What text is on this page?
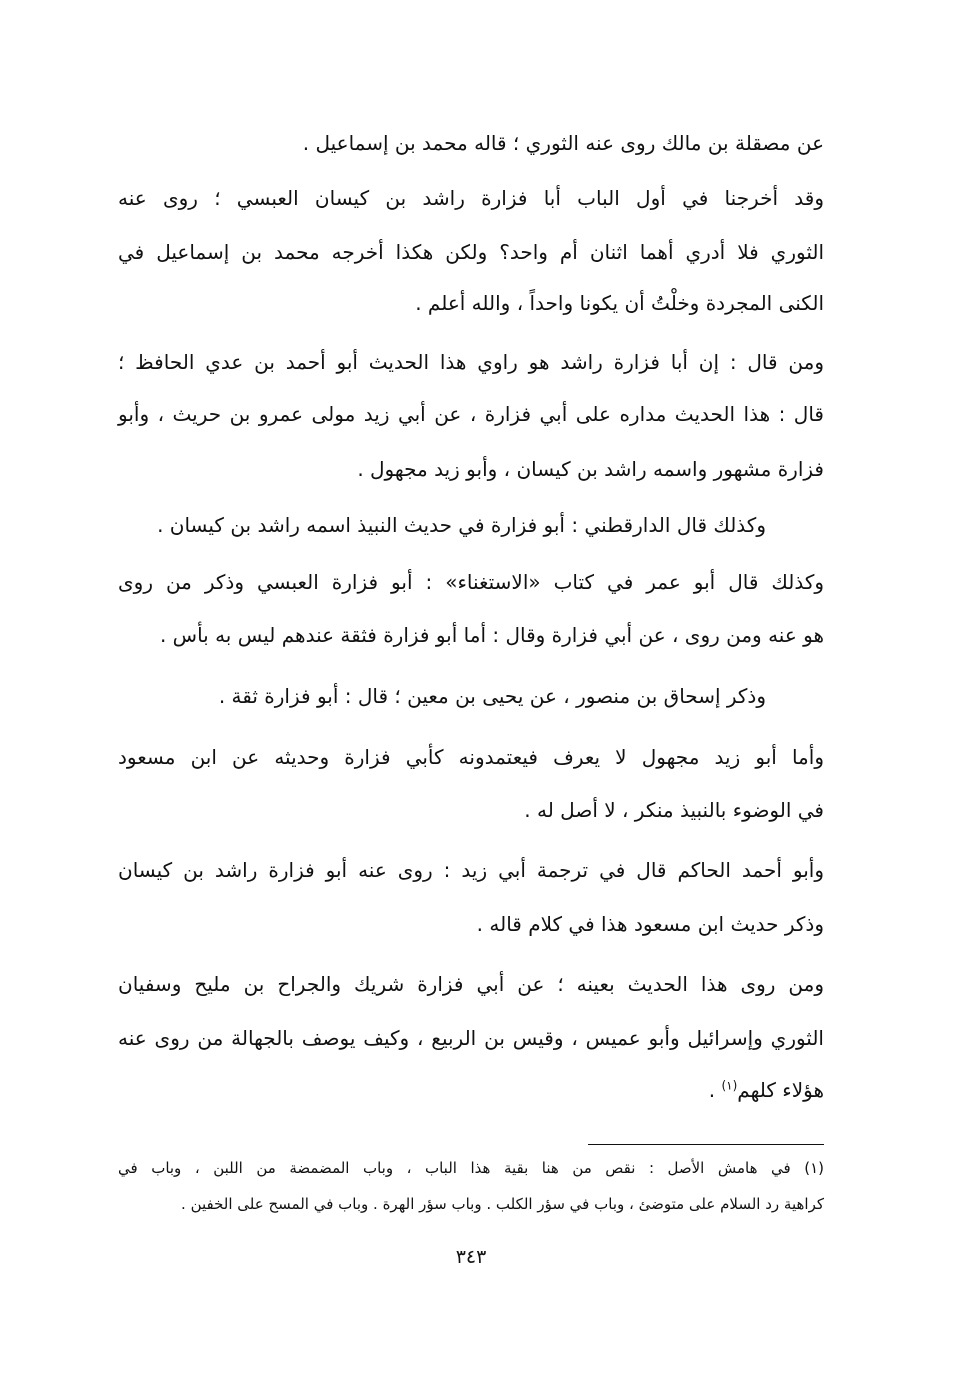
عن مصقلة بن مالك روى عنه الثوري ؛ قاله محمد بن إسماعيل .
وقد أخرجنا في أول الباب أبا فزارة راشد بن كيسان العبسي ؛ روى عنه
الثوري فلا أدري أهما اثنان أم واحد؟ ولكن هكذا أخرجه محمد بن إسماعيل في
الكنى المجردة وخلْتُ أن يكونا واحداً ، والله أعلم .
ومن قال : إن أبا فزارة راشد هو راوي هذا الحديث أبو أحمد بن عدي الحافظ ؛
قال : هذا الحديث مداره على أبي فزارة ، عن أبي زيد مولى عمرو بن حريث ، وأبو
فزارة مشهور واسمه راشد بن كيسان ، وأبو زيد مجهول .
وكذلك قال الدارقطني : أبو فزارة في حديث النبيذ اسمه راشد بن كيسان .
وكذلك قال أبو عمر في كتاب «الاستغناء» : أبو فزارة العبسي وذكر من روى
هو عنه ومن روى ، عن أبي فزارة وقال : أما أبو فزارة فثقة عندهم ليس به بأس .
وذكر إسحاق بن منصور ، عن يحيى بن معين ؛ قال : أبو فزارة ثقة .
وأما أبو زيد مجهول لا يعرف فيعتمدونه كأبي فزارة وحديثه عن ابن مسعود
في الوضوء بالنبيذ منكر ، لا أصل له .
وأبو أحمد الحاكم قال في ترجمة أبي زيد : روى عنه أبو فزارة راشد بن كيسان
وذكر حديث ابن مسعود هذا في كلام قاله .
ومن روى هذا الحديث بعينه ؛ عن أبي فزارة شريك والجراح بن مليح وسفيان
الثوري وإسرائيل وأبو عميس ، وقيس بن الربيع ، وكيف يوصف بالجهالة من روى عنه
هؤلاء كلهم$^{(١)}$ .
(١) في هامش الأصل : نقص من هنا بقية هذا الباب ، وباب المضمضة من اللبن ، وباب في
كراهية رد السلام على متوضئ ، وباب في سؤر الكلب . وباب سؤر الهرة . وباب في المسح على الخفين .
٣٤٣
